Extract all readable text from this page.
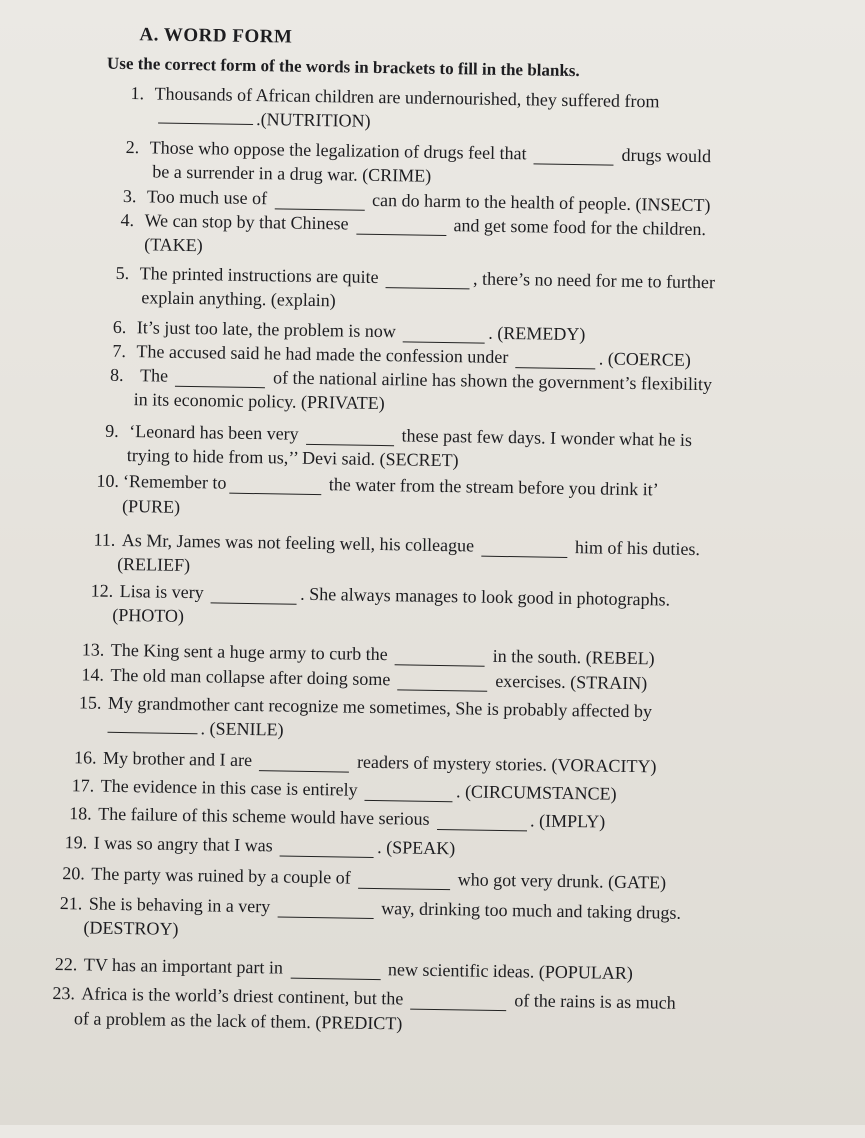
A. WORD FORM
Use the correct form of the words in brackets to fill in the blanks.
1. Thousands of African children are undernourished, they suffered from
.(NUTRITION)
2. Those who oppose the legalization of drugs feel that	drugs would
be a surrender in a drug war. (CRIME)
3. Too much use of	can do harm to the health of people. (INSECT)
4. We can stop by that Chinese	and get some food for the children.
(TAKE)
5. The printed instructions are quite	, there’s no need for me to further
explain anything. (explain)
6. It’s just too late, the problem is now	. (REMEDY)
7. The accused said he had made the confession under	. (COERCE)
8. The	of the national airline has shown the government’s flexibility
in its economic policy. (PRIVATE)
9. ‘Leonard has been very	these past few days. I wonder what he is
trying to hide from us,’’ Devi said. (SECRET)
10. ‘Remember to	the water from the stream before you drink it’
(PURE)
11. As Mr, James was not feeling well, his colleague	him of his duties.
(RELIEF)
12. Lisa is very	. She always manages to look good in photographs.
(PHOTO)
13. The King sent a huge army to curb the	in the south. (REBEL)
14. The old man collapse after doing some	exercises. (STRAIN)
15. My grandmother cant recognize me sometimes, She is probably affected by
. (SENILE)
16. My brother and I are	readers of mystery stories. (VORACITY)
17. The evidence in this case is entirely	. (CIRCUMSTANCE)
18. The failure of this scheme would have serious	. (IMPLY)
19. I was so angry that I was	. (SPEAK)
20. The party was ruined by a couple of	who got very drunk. (GATE)
21. She is behaving in a very	way, drinking too much and taking drugs.
(DESTROY)
22. TV has an important part in	new scientific ideas. (POPULAR)
23. Africa is the world’s driest continent, but the	of the rains is as much
of a problem as the lack of them. (PREDICT)
